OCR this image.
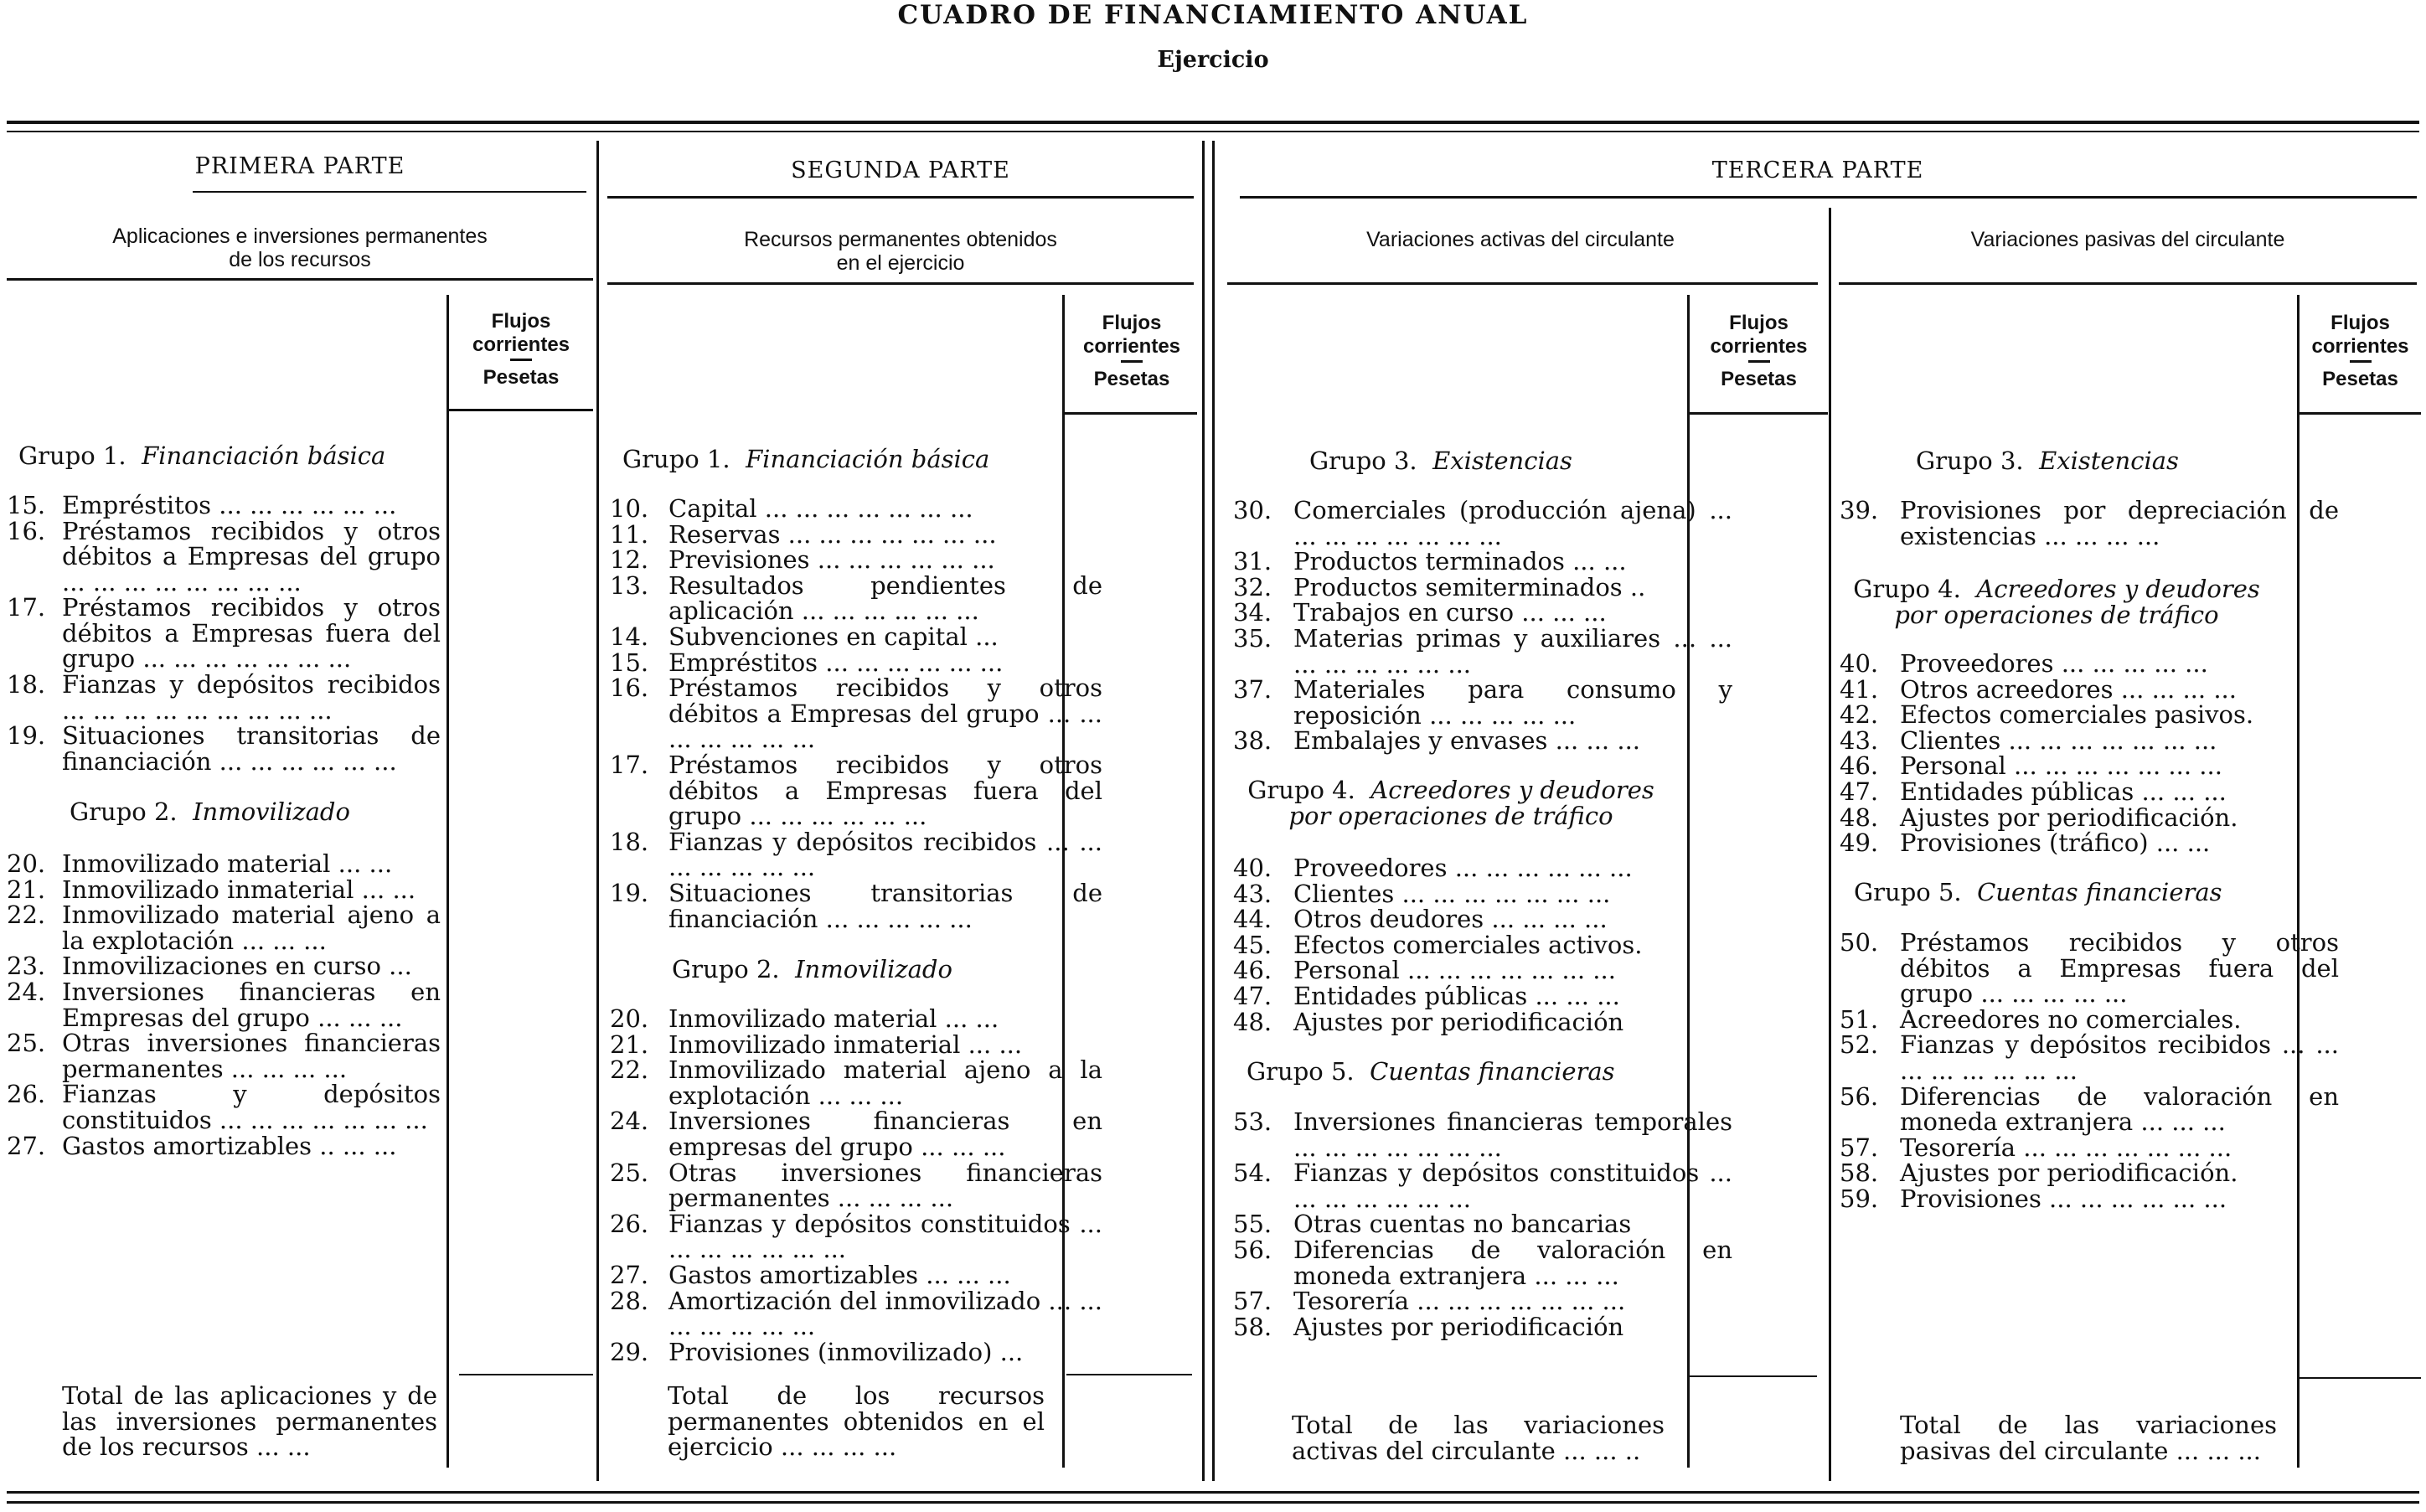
CUADRO DE FINANCIAMIENTO ANUAL
Ejercicio
PRIMERA PARTE	SEGUNDA PARTE	TERCERA PARTE
Aplicaciones e inversiones permanentes
de los recursos
Recursos permanentes obtenidos
en el ejercicio
Variaciones activas del circulante	Variaciones pasivas del circulante
Flujos
corrientes
Pesetas
Flujos
corrientes
Pesetas
Flujos
corrientes
Pesetas
Flujos
corrientes
Pesetas
Grupo 1. Financiación básica
15. Empréstitos ... ... ... ... ... ...
16. Préstamos recibidos y otros débitos a Empresas del grupo ... ... ... ... ... ... ... ...
17. Préstamos recibidos y otros débitos a Empresas fuera del grupo ... ... ... ... ... ... ...
18. Fianzas y depósitos recibidos ... ... ... ... ... ... ... ... ...
19. Situaciones transitorias de financiación ... ... ... ... ... ...
Grupo 2. Inmovilizado
20. Inmovilizado material ... ...
21. Inmovilizado inmaterial ... ...
22. Inmovilizado material ajeno a la explotación ... ... ...
23. Inmovilizaciones en curso ...
24. Inversiones financieras en Empresas del grupo ... ... ...
25. Otras inversiones financieras permanentes ... ... ... ...
26. Fianzas y depósitos constituidos ... ... ... ... ... ... ...
27. Gastos amortizables .. ... ...
Total de las aplicaciones y de las inversiones permanentes de los recursos ... ...
Grupo 1. Financiación básica
10. Capital ... ... ... ... ... ... ...
11. Reservas ... ... ... ... ... ... ...
12. Previsiones ... ... ... ... ... ...
13. Resultados pendientes de aplicación ... ... ... ... ... ...
14. Subvenciones en capital ...
15. Empréstitos ... ... ... ... ... ...
16. Préstamos recibidos y otros débitos a Empresas del grupo ... ... ... ... ... ... ...
17. Préstamos recibidos y otros débitos a Empresas fuera del grupo ... ... ... ... ... ...
18. Fianzas y depósitos recibidos ... ... ... ... ... ... ...
19. Situaciones transitorias de financiación ... ... ... ... ...
Grupo 2. Inmovilizado
20. Inmovilizado material ... ...
21. Inmovilizado inmaterial ... ...
22. Inmovilizado material ajeno a la explotación ... ... ...
24. Inversiones financieras en empresas del grupo ... ... ...
25. Otras inversiones financieras permanentes ... ... ... ...
26. Fianzas y depósitos constituidos ... ... ... ... ... ... ...
27. Gastos amortizables ... ... ...
28. Amortización del inmovilizado ... ... ... ... ... ... ...
29. Provisiones (inmovilizado) ...
Total de los recursos permanentes obtenidos en el ejercicio ... ... ... ...
Grupo 3. Existencias
30. Comerciales (producción ajena) ... ... ... ... ... ... ... ...
31. Productos terminados ... ...
32. Productos semiterminados ..
34. Trabajos en curso ... ... ...
35. Materias primas y auxiliares ... ... ... ... ... ... ... ...
37. Materiales para consumo y reposición ... ... ... ... ...
38. Embalajes y envases ... ... ...
Grupo 4. Acreedores y deudores por operaciones de tráfico
40. Proveedores ... ... ... ... ... ...
43. Clientes ... ... ... ... ... ... ...
44. Otros deudores ... ... ... ...
45. Efectos comerciales activos.
46. Personal ... ... ... ... ... ... ...
47. Entidades públicas ... ... ...
48. Ajustes por periodificación
Grupo 5. Cuentas financieras
53. Inversiones financieras temporales ... ... ... ... ... ... ...
54. Fianzas y depósitos constituidos ... ... ... ... ... ... ...
55. Otras cuentas no bancarias
56. Diferencias de valoración en moneda extranjera ... ... ...
57. Tesorería ... ... ... ... ... ... ...
58. Ajustes por periodificación
Total de las variaciones activas del circulante ... ... ..
Grupo 3. Existencias
39. Provisiones por depreciación de existencias ... ... ... ...
Grupo 4. Acreedores y deudores por operaciones de tráfico
40. Proveedores ... ... ... ... ...
41. Otros acreedores ... ... ... ...
42. Efectos comerciales pasivos.
43. Clientes ... ... ... ... ... ... ...
46. Personal ... ... ... ... ... ... ...
47. Entidades públicas ... ... ...
48. Ajustes por periodificación.
49. Provisiones (tráfico) ... ...
Grupo 5. Cuentas financieras
50. Préstamos recibidos y otros débitos a Empresas fuera del grupo ... ... ... ... ...
51. Acreedores no comerciales.
52. Fianzas y depósitos recibidos ... ... ... ... ... ... ... ...
56. Diferencias de valoración en moneda extranjera ... ... ...
57. Tesorería ... ... ... ... ... ... ...
58. Ajustes por periodificación.
59. Provisiones ... ... ... ... ... ...
Total de las variaciones pasivas del circulante ... ... ...
